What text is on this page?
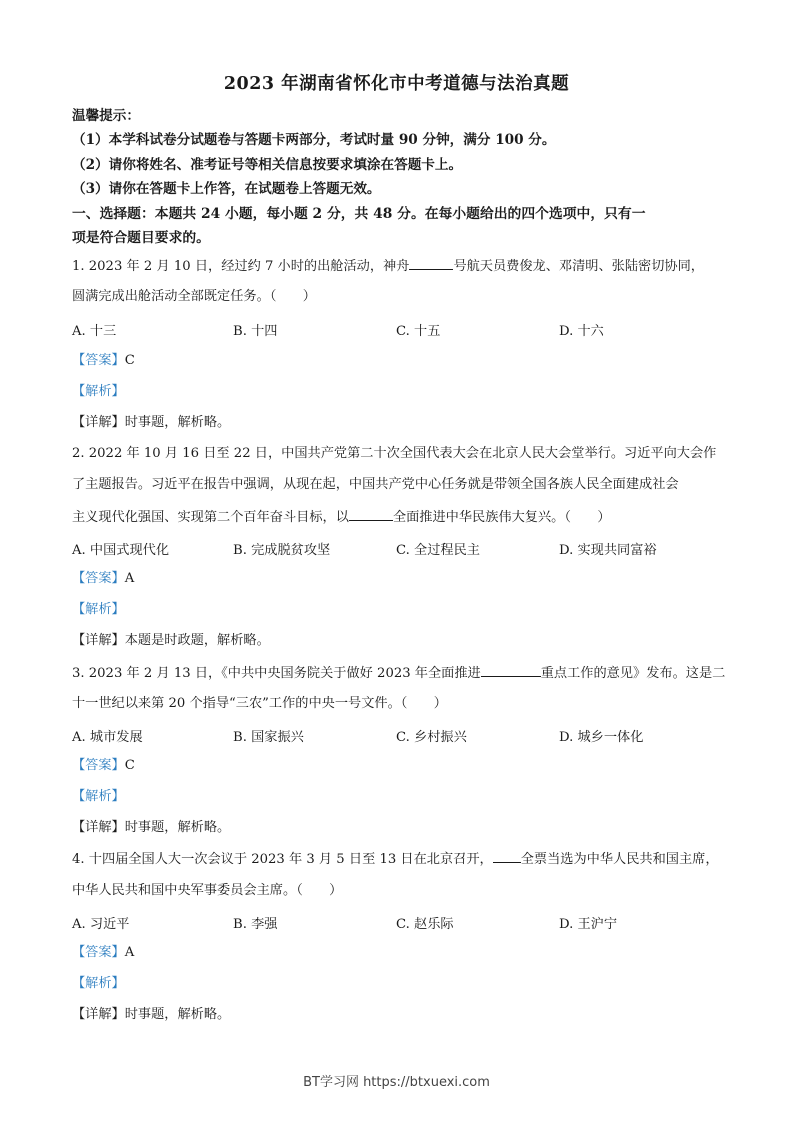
2023 年湖南省怀化市中考道德与法治真题
温馨提示：
（1）本学科试卷分试题卷与答题卡两部分，考试时量 90 分钟，满分 100 分。
（2）请你将姓名、准考证号等相关信息按要求填涂在答题卡上。
（3）请你在答题卡上作答，在试题卷上答题无效。
一、选择题：本题共 24 小题，每小题 2 分，共 48 分。在每小题给出的四个选项中，只有一
项是符合题目要求的。
1. 2023 年 2 月 10 日，经过约 7 小时的出舱活动，神舟	号航天员费俊龙、邓清明、张陆密切协同，
圆满完成出舱活动全部既定任务。（　　）
A. 十三	B. 十四	C. 十五	D. 十六
【答案】C
【解析】
【详解】时事题，解析略。
2. 2022 年 10 月 16 日至 22 日，中国共产党第二十次全国代表大会在北京人民大会堂举行。习近平向大会作
了主题报告。习近平在报告中强调，从现在起，中国共产党中心任务就是带领全国各族人民全面建成社会
主义现代化强国、实现第二个百年奋斗目标，以	全面推进中华民族伟大复兴。（　　）
A. 中国式现代化	B. 完成脱贫攻坚	C. 全过程民主	D. 实现共同富裕
【答案】A
【解析】
【详解】本题是时政题，解析略。
3. 2023 年 2 月 13 日，《中共中央国务院关于做好 2023 年全面推进	重点工作的意见》发布。这是二
十一世纪以来第 20 个指导“三农”工作的中央一号文件。（　　）
A. 城市发展	B. 国家振兴	C. 乡村振兴	D. 城乡一体化
【答案】C
【解析】
【详解】时事题，解析略。
4. 十四届全国人大一次会议于 2023 年 3 月 5 日至 13 日在北京召开， 全票当选为中华人民共和国主席，
中华人民共和国中央军事委员会主席。（　　）
A. 习近平	B. 李强	C. 赵乐际	D. 王沪宁
【答案】A
【解析】
【详解】时事题，解析略。
BT学习网 https://btxuexi.com
